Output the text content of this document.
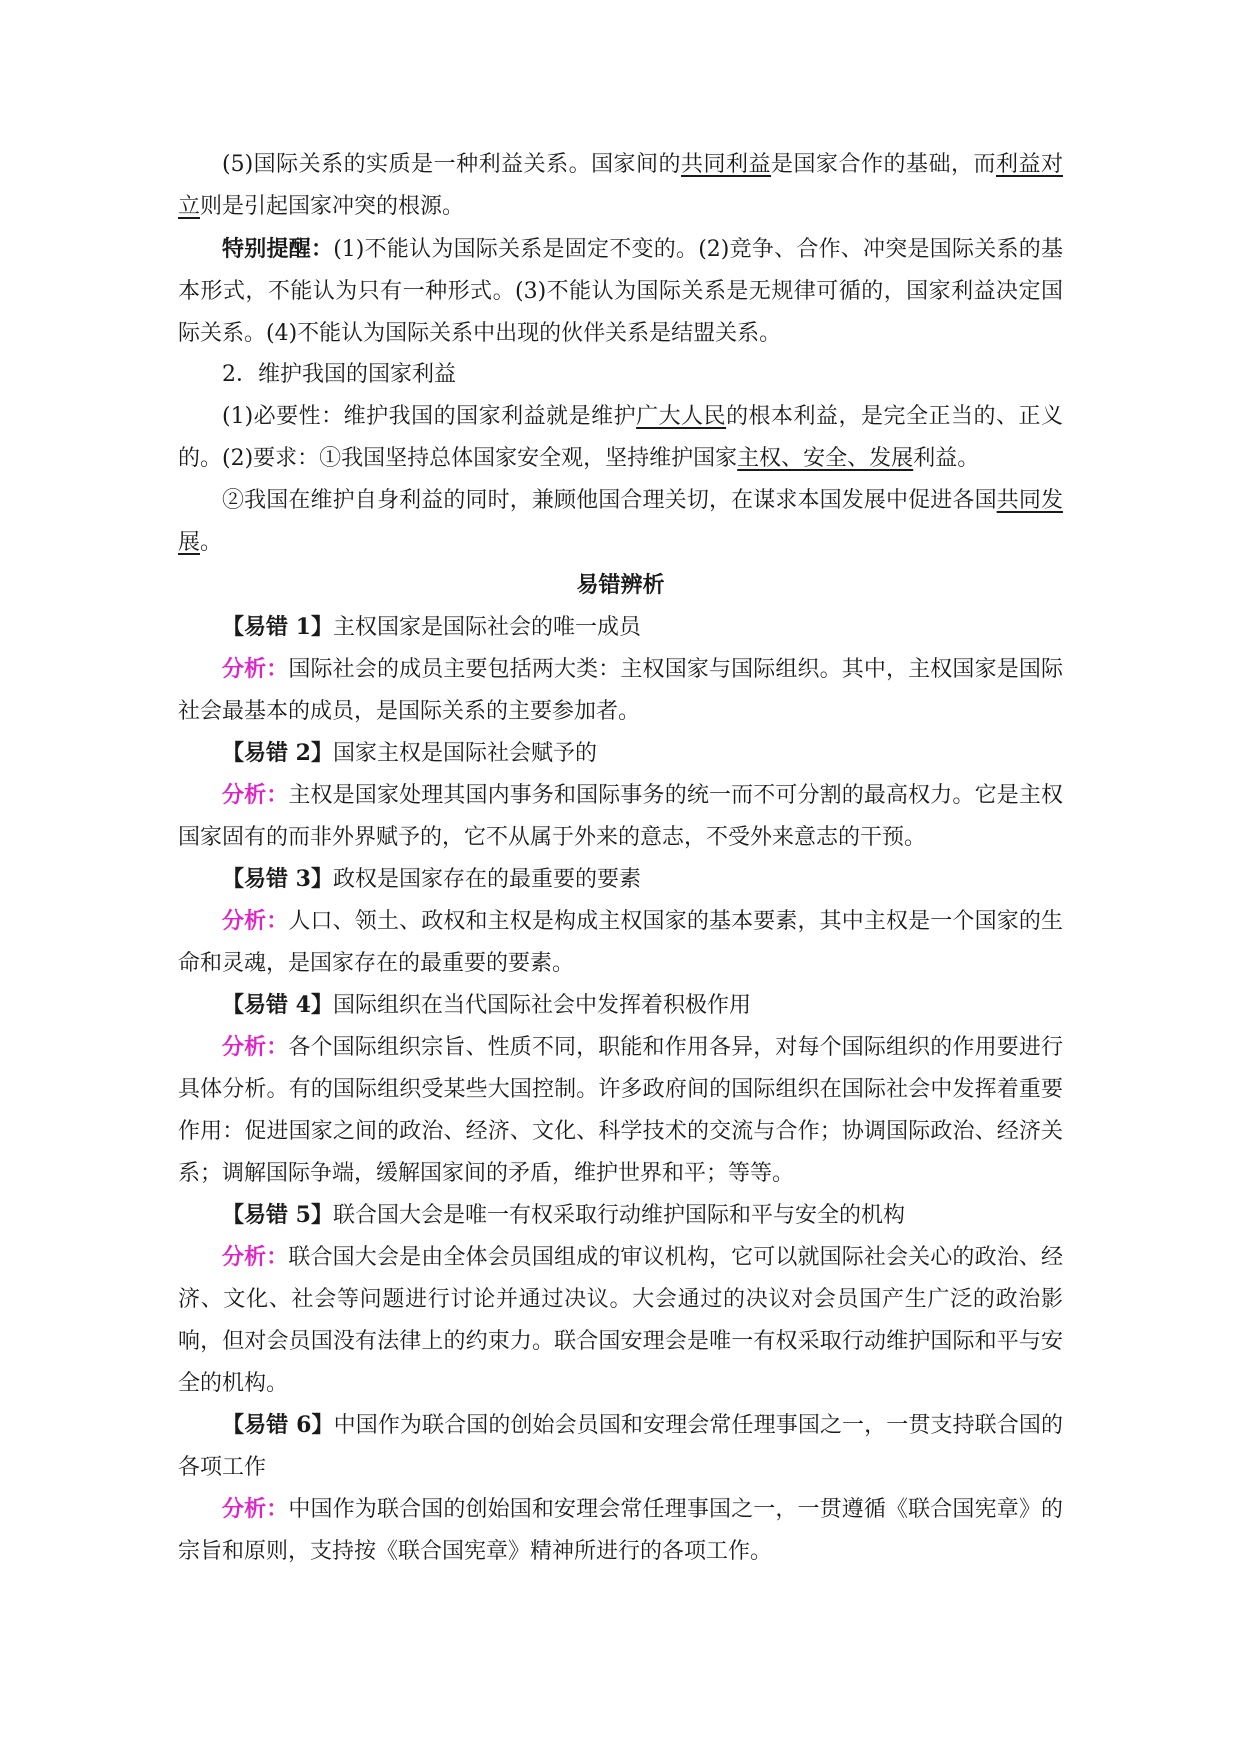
(5)国际关系的实质是一种利益关系。国家间的共同利益是国家合作的基础，而利益对立则是引起国家冲突的根源。

特别提醒：(1)不能认为国际关系是固定不变的。(2)竞争、合作、冲突是国际关系的基本形式，不能认为只有一种形式。(3)不能认为国际关系是无规律可循的，国家利益决定国际关系。(4)不能认为国际关系中出现的伙伴关系是结盟关系。

2．维护我国的国家利益

(1)必要性：维护我国的国家利益就是维护广大人民的根本利益，是完全正当的、正义的。 (2)要求：①我国坚持总体国家安全观，坚持维护国家主权、安全、发展利益。

②我国在维护自身利益的同时，兼顾他国合理关切，在谋求本国发展中促进各国共同发展。

易错辨析

【易错 1】主权国家是国际社会的唯一成员

分析：国际社会的成员主要包括两大类：主权国家与国际组织。其中，主权国家是国际社会最基本的成员，是国际关系的主要参加者。

【易错 2】国家主权是国际社会赋予的

分析：主权是国家处理其国内事务和国际事务的统一而不可分割的最高权力。它是主权国家固有的而非外界赋予的，它不从属于外来的意志，不受外来意志的干预。

【易错 3】政权是国家存在的最重要的要素

分析：人口、领土、政权和主权是构成主权国家的基本要素，其中主权是一个国家的生命和灵魂，是国家存在的最重要的要素。

【易错 4】国际组织在当代国际社会中发挥着积极作用

分析：各个国际组织宗旨、性质不同，职能和作用各异，对每个国际组织的作用要进行具体分析。有的国际组织受某些大国控制。许多政府间的国际组织在国际社会中发挥着重要作用：促进国家之间的政治、经济、文化、科学技术的交流与合作；协调国际政治、经济关系；调解国际争端，缓解国家间的矛盾，维护世界和平；等等。

【易错 5】联合国大会是唯一有权采取行动维护国际和平与安全的机构

分析：联合国大会是由全体会员国组成的审议机构，它可以就国际社会关心的政治、经济、文化、社会等问题进行讨论并通过决议。大会通过的决议对会员国产生广泛的政治影响，但对会员国没有法律上的约束力。联合国安理会是唯一有权采取行动维护国际和平与安全的机构。

【易错 6】中国作为联合国的创始会员国和安理会常任理事国之一，一贯支持联合国的各项工作

分析：中国作为联合国的创始国和安理会常任理事国之一，一贯遵循《联合国宪章》的宗旨和原则，支持按《联合国宪章》精神所进行的各项工作。
